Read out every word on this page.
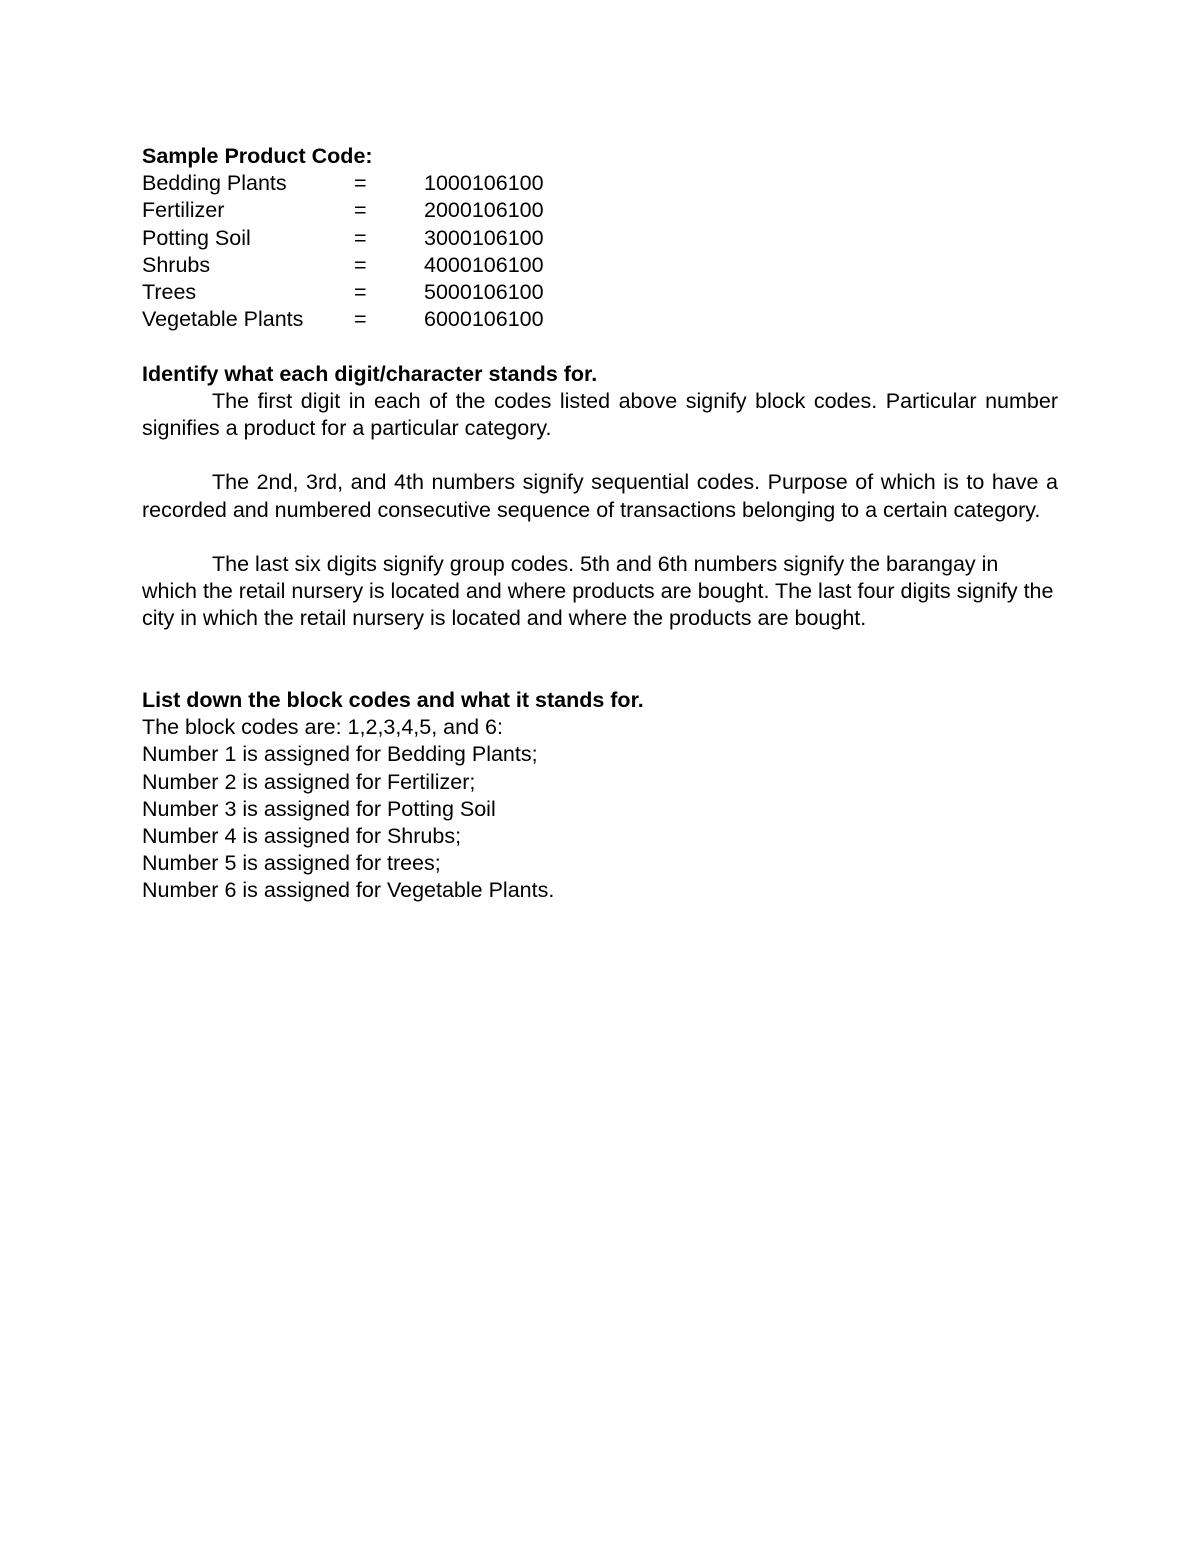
Sample Product Code:

Bedding Plants	=	1000106100
Fertilizer	=	2000106100
Potting Soil	=	3000106100
Shrubs	=	4000106100
Trees	=	5000106100
Vegetable Plants	=	6000106100

Identify what each digit/character stands for.

The first digit in each of the codes listed above signify block codes. Particular number signifies a product for a particular category.

The 2nd, 3rd, and 4th numbers signify sequential codes. Purpose of which is to have a recorded and numbered consecutive sequence of transactions belonging to a certain category.

The last six digits signify group codes. 5th and 6th numbers signify the barangay in which the retail nursery is located and where products are bought. The last four digits signify the city in which the retail nursery is located and where the products are bought.

List down the block codes and what it stands for.

The block codes are: 1,2,3,4,5, and 6:

Number 1 is assigned for Bedding Plants;

Number 2 is assigned for Fertilizer;

Number 3 is assigned for Potting Soil

Number 4 is assigned for Shrubs;

Number 5 is assigned for trees;

Number 6 is assigned for Vegetable Plants.
